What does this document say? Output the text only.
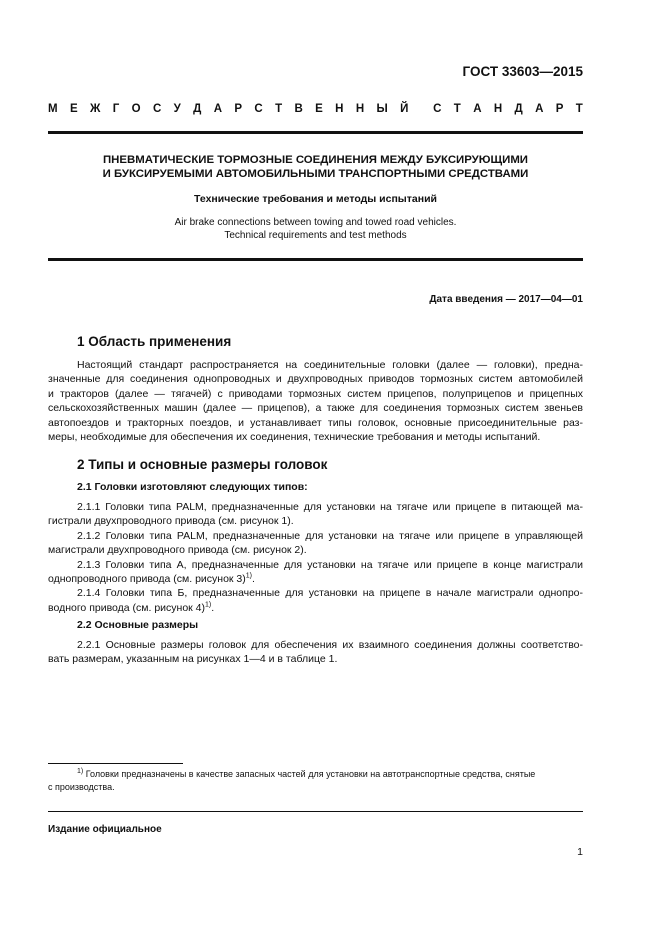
ГОСТ 33603—2015
М Е Ж Г О С У Д А Р С Т В Е Н Н Ы Й С Т А Н Д А Р Т
ПНЕВМАТИЧЕСКИЕ ТОРМОЗНЫЕ СОЕДИНЕНИЯ МЕЖДУ БУКСИРУЮЩИМИ
И БУКСИРУЕМЫМИ АВТОМОБИЛЬНЫМИ ТРАНСПОРТНЫМИ СРЕДСТВАМИ
Технические требования и методы испытаний
Air brake connections between towing and towed road vehicles.
Technical requirements and test methods
Дата введения — 2017—04—01
1 Область применения
Настоящий стандарт распространяется на соединительные головки (далее — головки), предна-
значенные для соединения однопроводных и двухпроводных приводов тормозных систем автомобилей
и тракторов (далее — тягачей) с приводами тормозных систем прицепов, полуприцепов и прицепных
сельскохозяйственных машин (далее — прицепов), а также для соединения тормозных систем звеньев
автопоездов и тракторных поездов, и устанавливает типы головок, основные присоединительные раз-
меры, необходимые для обеспечения их соединения, технические требования и методы испытаний.
2 Типы и основные размеры головок
2.1 Головки изготовляют следующих типов:
2.1.1 Головки типа PALM, предназначенные для установки на тягаче или прицепе в питающей ма-
гистрали двухпроводного привода (см. рисунок 1).
2.1.2 Головки типа PALM, предназначенные для установки на тягаче или прицепе в управляющей
магистрали двухпроводного привода (см. рисунок 2).
2.1.3 Головки типа А, предназначенные для установки на тягаче или прицепе в конце магистрали
однопроводного привода (см. рисунок 3)$^{1)}$.
2.1.4 Головки типа Б, предназначенные для установки на прицепе в начале магистрали однопро-
водного привода (см. рисунок 4)$^{1)}$.
2.2 Основные размеры
2.2.1 Основные размеры головок для обеспечения их взаимного соединения должны соответство-
вать размерам, указанным на рисунках 1—4 и в таблице 1.
$^{1)}$ Головки предназначены в качестве запасных частей для установки на автотранспортные средства, снятые
с производства.
Издание официальное
1
